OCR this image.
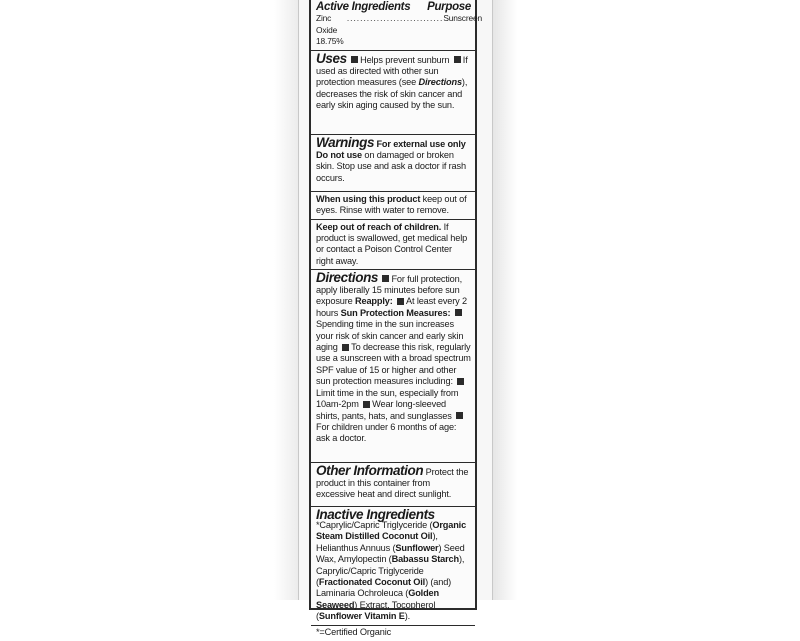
Active Ingredients Purpose
Zinc Oxide 18.75%
............................. Sunscreen
Uses Helps prevent sunburn If used as directed with other sun protection measures (see Directions), decreases the risk of skin cancer and early skin aging caused by the sun.
Warnings For external use only
Do not use on damaged or broken skin. Stop use and ask a doctor if rash occurs.
When using this product keep out of eyes. Rinse with water to remove.
Keep out of reach of children. If product is swallowed, get medical help or contact a Poison Control Center right away.
Directions For full protection, apply liberally 15 minutes before sun exposure Reapply: At least every 2 hours Sun Protection Measures: Spending time in the sun increases your risk of skin cancer and early skin aging To decrease this risk, regularly use a sunscreen with a broad spectrum SPF value of 15 or higher and other sun protection measures including: Limit time in the sun, especially from 10am-2pm Wear long-sleeved shirts, pants, hats, and sunglasses For children under 6 months of age: ask a doctor.
Other Information Protect the product in this container from excessive heat and direct sunlight.
Inactive Ingredients
*Caprylic/Capric Triglyceride (Organic Steam Distilled Coconut Oil), Helianthus Annuus (Sunflower) Seed Wax, Amylopectin (Babassu Starch), Caprylic/Capric Triglyceride (Fractionated Coconut Oil) (and) Laminaria Ochroleuca (Golden Seaweed) Extract, Tocopherol (Sunflower Vitamin E).
*=Certified Organic
